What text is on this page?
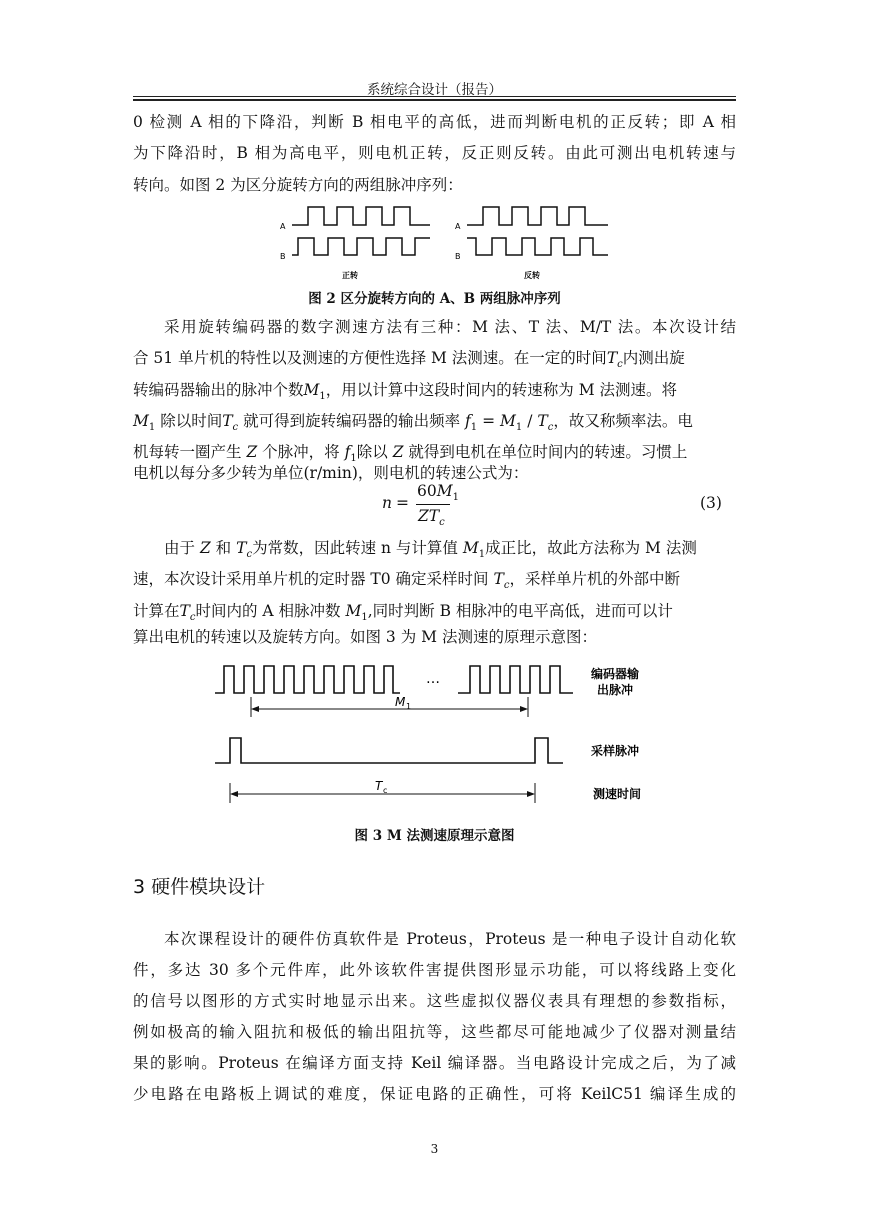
系统综合设计（报告）
0 检测 A 相的下降沿，判断 B 相电平的高低，进而判断电机的正反转；即 A 相
为下降沿时，B 相为高电平，则电机正转，反正则反转。由此可测出电机转速与
转向。如图 2 为区分旋转方向的两组脉冲序列：
A
B
A
B
正转	反转
图 2 区分旋转方向的 A、B 两组脉冲序列
采用旋转编码器的数字测速方法有三种：M 法、T 法、M/T 法。本次设计结
合 51 单片机的特性以及测速的方便性选择 M 法测速。在一定的时间$T_c$内测出旋
转编码器输出的脉冲个数$M_1$，用以计算中这段时间内的转速称为 M 法测速。将
$M_1$ 除以时间$T_c$ 就可得到旋转编码器的输出频率 $f_1 = M_1 / T_c$，故又称频率法。电
机每转一圈产生 Z 个脉冲，将 $f_1$除以 Z 就得到电机在单位时间内的转速。习惯上
电机以每分多少转为单位(r/min)，则电机的转速公式为：
n =
$60M_1$
$ZT_c$
(3)
由于 Z 和 $T_c$为常数，因此转速 n 与计算值 $M_1$成正比，故此方法称为 M 法测
速，本次设计采用单片机的定时器 T0 确定采样时间 $T_c$，采样单片机的外部中断
计算在$T_c$时间内的 A 相脉冲数 $M_1$,同时判断 B 相脉冲的电平高低，进而可以计
算出电机的转速以及旋转方向。如图 3 为 M 法测速的原理示意图：
…	编码器输
出脉冲
M 1
采样脉冲
T c	测速时间
图 3 M 法测速原理示意图
3 硬件模块设计
本次课程设计的硬件仿真软件是 Proteus，Proteus 是一种电子设计自动化软
件，多达 30 多个元件库，此外该软件害提供图形显示功能，可以将线路上变化
的信号以图形的方式实时地显示出来。这些虚拟仪器仪表具有理想的参数指标，
例如极高的输入阻抗和极低的输出阻抗等，这些都尽可能地减少了仪器对测量结
果的影响。Proteus 在编译方面支持 Keil 编译器。当电路设计完成之后，为了减
少电路在电路板上调试的难度，保证电路的正确性，可将 KeilC51 编译生成的
3
